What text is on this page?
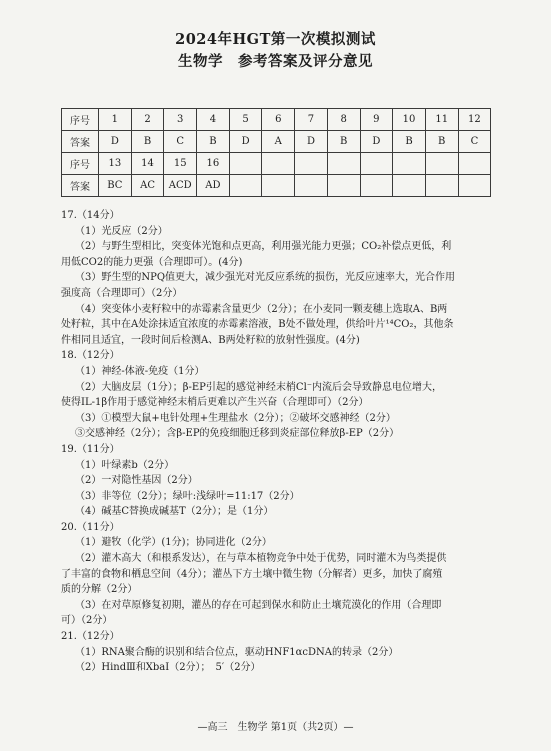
2024年HGT第一次模拟测试
生物学　参考答案及评分意见
序号	1	2	3	4	5	6	7	8	9	10	11	12
答案	D	B	C	B	D	A	D	B	D	B	B	C
序号	13	14	15	16								
答案	BC	AC	ACD	AD								

17.（14分）

（1）光反应（2分）

（2）与野生型相比，突变体光饱和点更高，利用强光能力更强；CO₂补偿点更低，利

用低CO2的能力更强（合理即可）。(4分)

（3）野生型的NPQ值更大，减少强光对光反应系统的损伤，光反应速率大，光合作用

强度高（合理即可）（2分）

（4）突变体小麦籽粒中的赤霉素含量更少（2分）；在小麦同一颗麦穗上选取A、B两

处籽粒，其中在A处涂抹适宜浓度的赤霉素溶液，B处不做处理，供给叶片¹⁴CO₂，其他条

件相同且适宜，一段时间后检测A、B两处籽粒的放射性强度。(4分)

18.（12分）

（1）神经-体液-免疫（1分）

（2）大脑皮层（1分）；β-EP引起的感觉神经末梢Cl⁻内流后会导致静息电位增大，

使得IL-1β作用于感觉神经末梢后更难以产生兴奋（合理即可）（2分）

（3）①模型大鼠+电针处理+生理盐水（2分）；②破坏交感神经（2分）

③交感神经（2分）；含β-EP的免疫细胞迁移到炎症部位释放β-EP（2分）

19.（11分）

（1）叶绿素b（2分）

（2）一对隐性基因（2分）

（3）非等位（2分）；绿叶:浅绿叶=11:17（2分）

（4）碱基C替换成碱基T（2分）；是（1分）

20.（11分）

（1）避牧（化学）(1分)；协同进化（2分）

（2）灌木高大（和根系发达），在与草本植物竞争中处于优势，同时灌木为鸟类提供

了丰富的食物和栖息空间（4分）；灌丛下方土壤中微生物（分解者）更多，加快了腐殖

质的分解（2分）

（3）在对草原修复初期，灌丛的存在可起到保水和防止土壤荒漠化的作用（合理即

可）（2分）

21.（12分）

（1）RNA聚合酶的识别和结合位点，驱动HNF1αcDNA的转录（2分）

（2）HindⅢ和XbaⅠ（2分）；　5′（2分）

—高三　生物学 第1页（共2页）—
